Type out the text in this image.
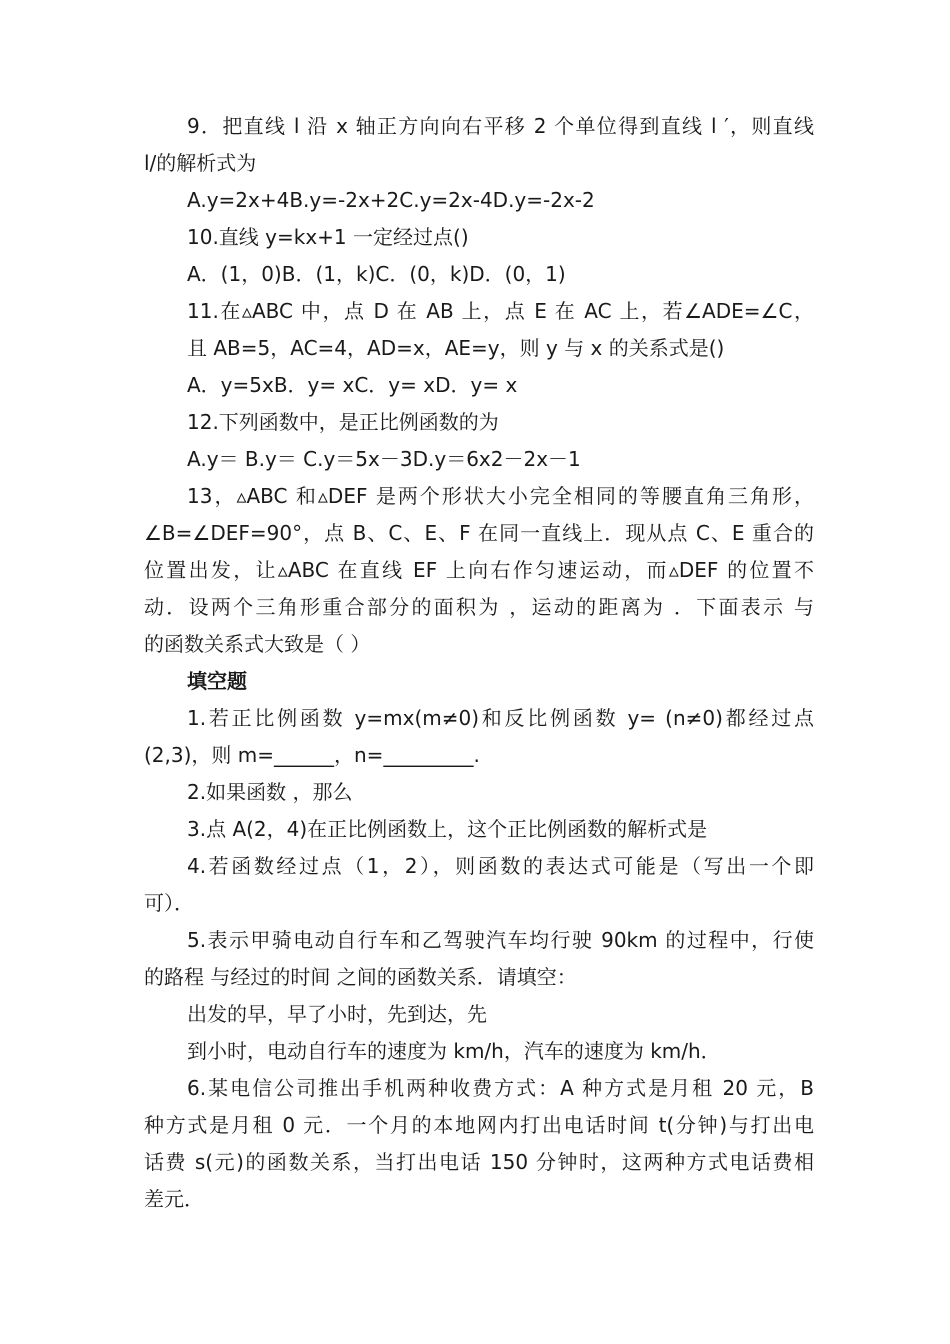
9．把直线 l 沿 x 轴正方向向右平移 2 个单位得到直线 l ′，则直线
l/的解析式为
A.y=2x+4B.y=-2x+2C.y=2x-4D.y=-2x-2
10.直线 y=kx+1 一定经过点()
A．(1，0)B．(1，k)C．(0，k)D．(0，1)
11.在▵ABC 中，点 D 在 AB 上，点 E 在 AC 上，若∠ADE=∠C，
且 AB=5，AC=4，AD=x，AE=y，则 y 与 x 的关系式是()
A．y=5xB．y= xC．y= xD．y= x
12.下列函数中，是正比例函数的为
A.y＝ B.y＝ C.y＝5x－3D.y＝6x2－2x－1
13，▵ABC 和▵DEF 是两个形状大小完全相同的等腰直角三角形，
∠B=∠DEF=90°，点 B、C、E、F 在同一直线上．现从点 C、E 重合的
位置出发，让▵ABC 在直线 EF 上向右作匀速运动，而▵DEF 的位置不
动．设两个三角形重合部分的面积为 ，运动的距离为 ．下面表示 与
的函数关系式大致是（ ）
填空题
1.若正比例函数 y=mx(m≠0)和反比例函数 y= (n≠0)都经过点
(2,3)，则 m=______，n=_________.
2.如果函数 ，那么
3.点 A(2，4)在正比例函数上，这个正比例函数的解析式是
4.若函数经过点（1，2），则函数的表达式可能是（写出一个即
可）．
5.表示甲骑电动自行车和乙驾驶汽车均行驶 90km 的过程中，行使
的路程 与经过的时间 之间的函数关系．请填空：
出发的早，早了小时，先到达，先
到小时，电动自行车的速度为 km/h，汽车的速度为 km/h．
6.某电信公司推出手机两种收费方式：A 种方式是月租 20 元，B
种方式是月租 0 元．一个月的本地网内打出电话时间 t(分钟)与打出电
话费 s(元)的函数关系，当打出电话 150 分钟时，这两种方式电话费相
差元．
